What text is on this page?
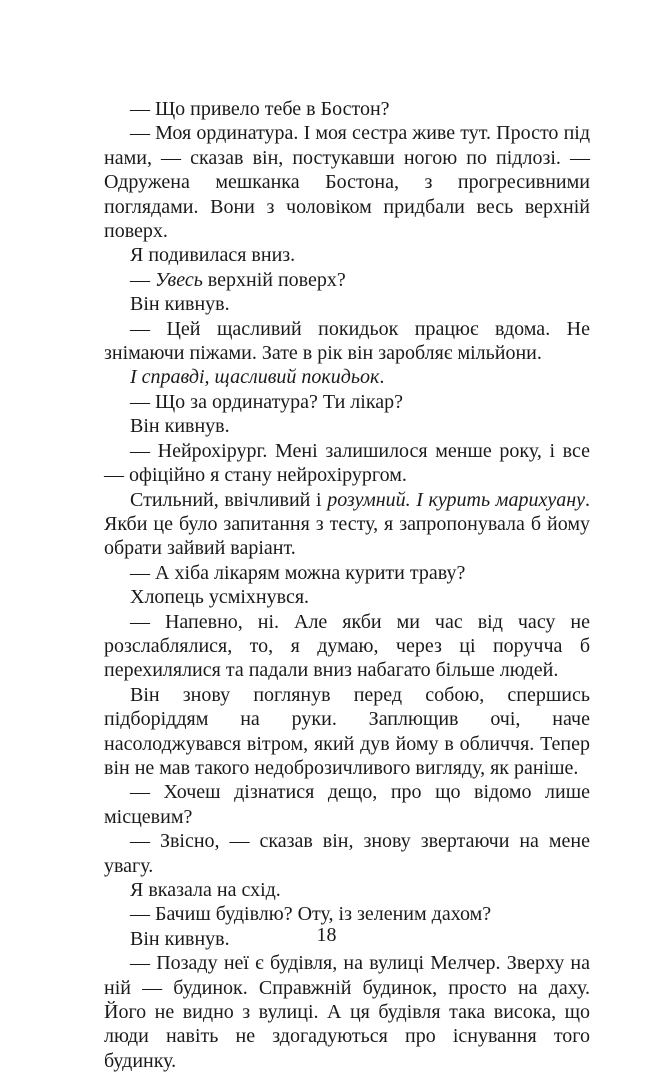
— Що привело тебе в Бостон?

— Моя ординатура. І моя сестра живе тут. Просто під нами, — сказав він, постукавши ногою по підлозі. — Одружена мешканка Бостона, з прогресивними поглядами. Вони з чоловіком придбали весь верхній поверх.

Я подивилася вниз.

— Увесь верхній поверх?

Він кивнув.

— Цей щасливий покидьок працює вдома. Не знімаючи піжами. Зате в рік він заробляє мільйони.

І справді, щасливий покидьок.

— Що за ординатура? Ти лікар?

Він кивнув.

— Нейрохірург. Мені залишилося менше року, і все — офіційно я стану нейрохірургом.

Стильний, ввічливий і розумний. І курить марихуану. Якби це було запитання з тесту, я запропонувала б йому обрати зайвий варіант.

— А хіба лікарям можна курити траву?

Хлопець усміхнувся.

— Напевно, ні. Але якби ми час від часу не розслаблялися, то, я думаю, через ці поручча б перехилялися та падали вниз набагато більше людей.

Він знову поглянув перед собою, спершись підборіддям на руки. Заплющив очі, наче насолоджувався вітром, який дув йому в обличчя. Тепер він не мав такого недоброзичливого вигляду, як раніше.

— Хочеш дізнатися дещо, про що відомо лише місцевим?

— Звісно, — сказав він, знову звертаючи на мене увагу.

Я вказала на схід.

— Бачиш будівлю? Оту, із зеленим дахом?

Він кивнув.

— Позаду неї є будівля, на вулиці Мелчер. Зверху на ній — будинок. Справжній будинок, просто на даху. Його не видно з вулиці. А ця будівля така висока, що люди навіть не здогадуються про існування того будинку.

18
